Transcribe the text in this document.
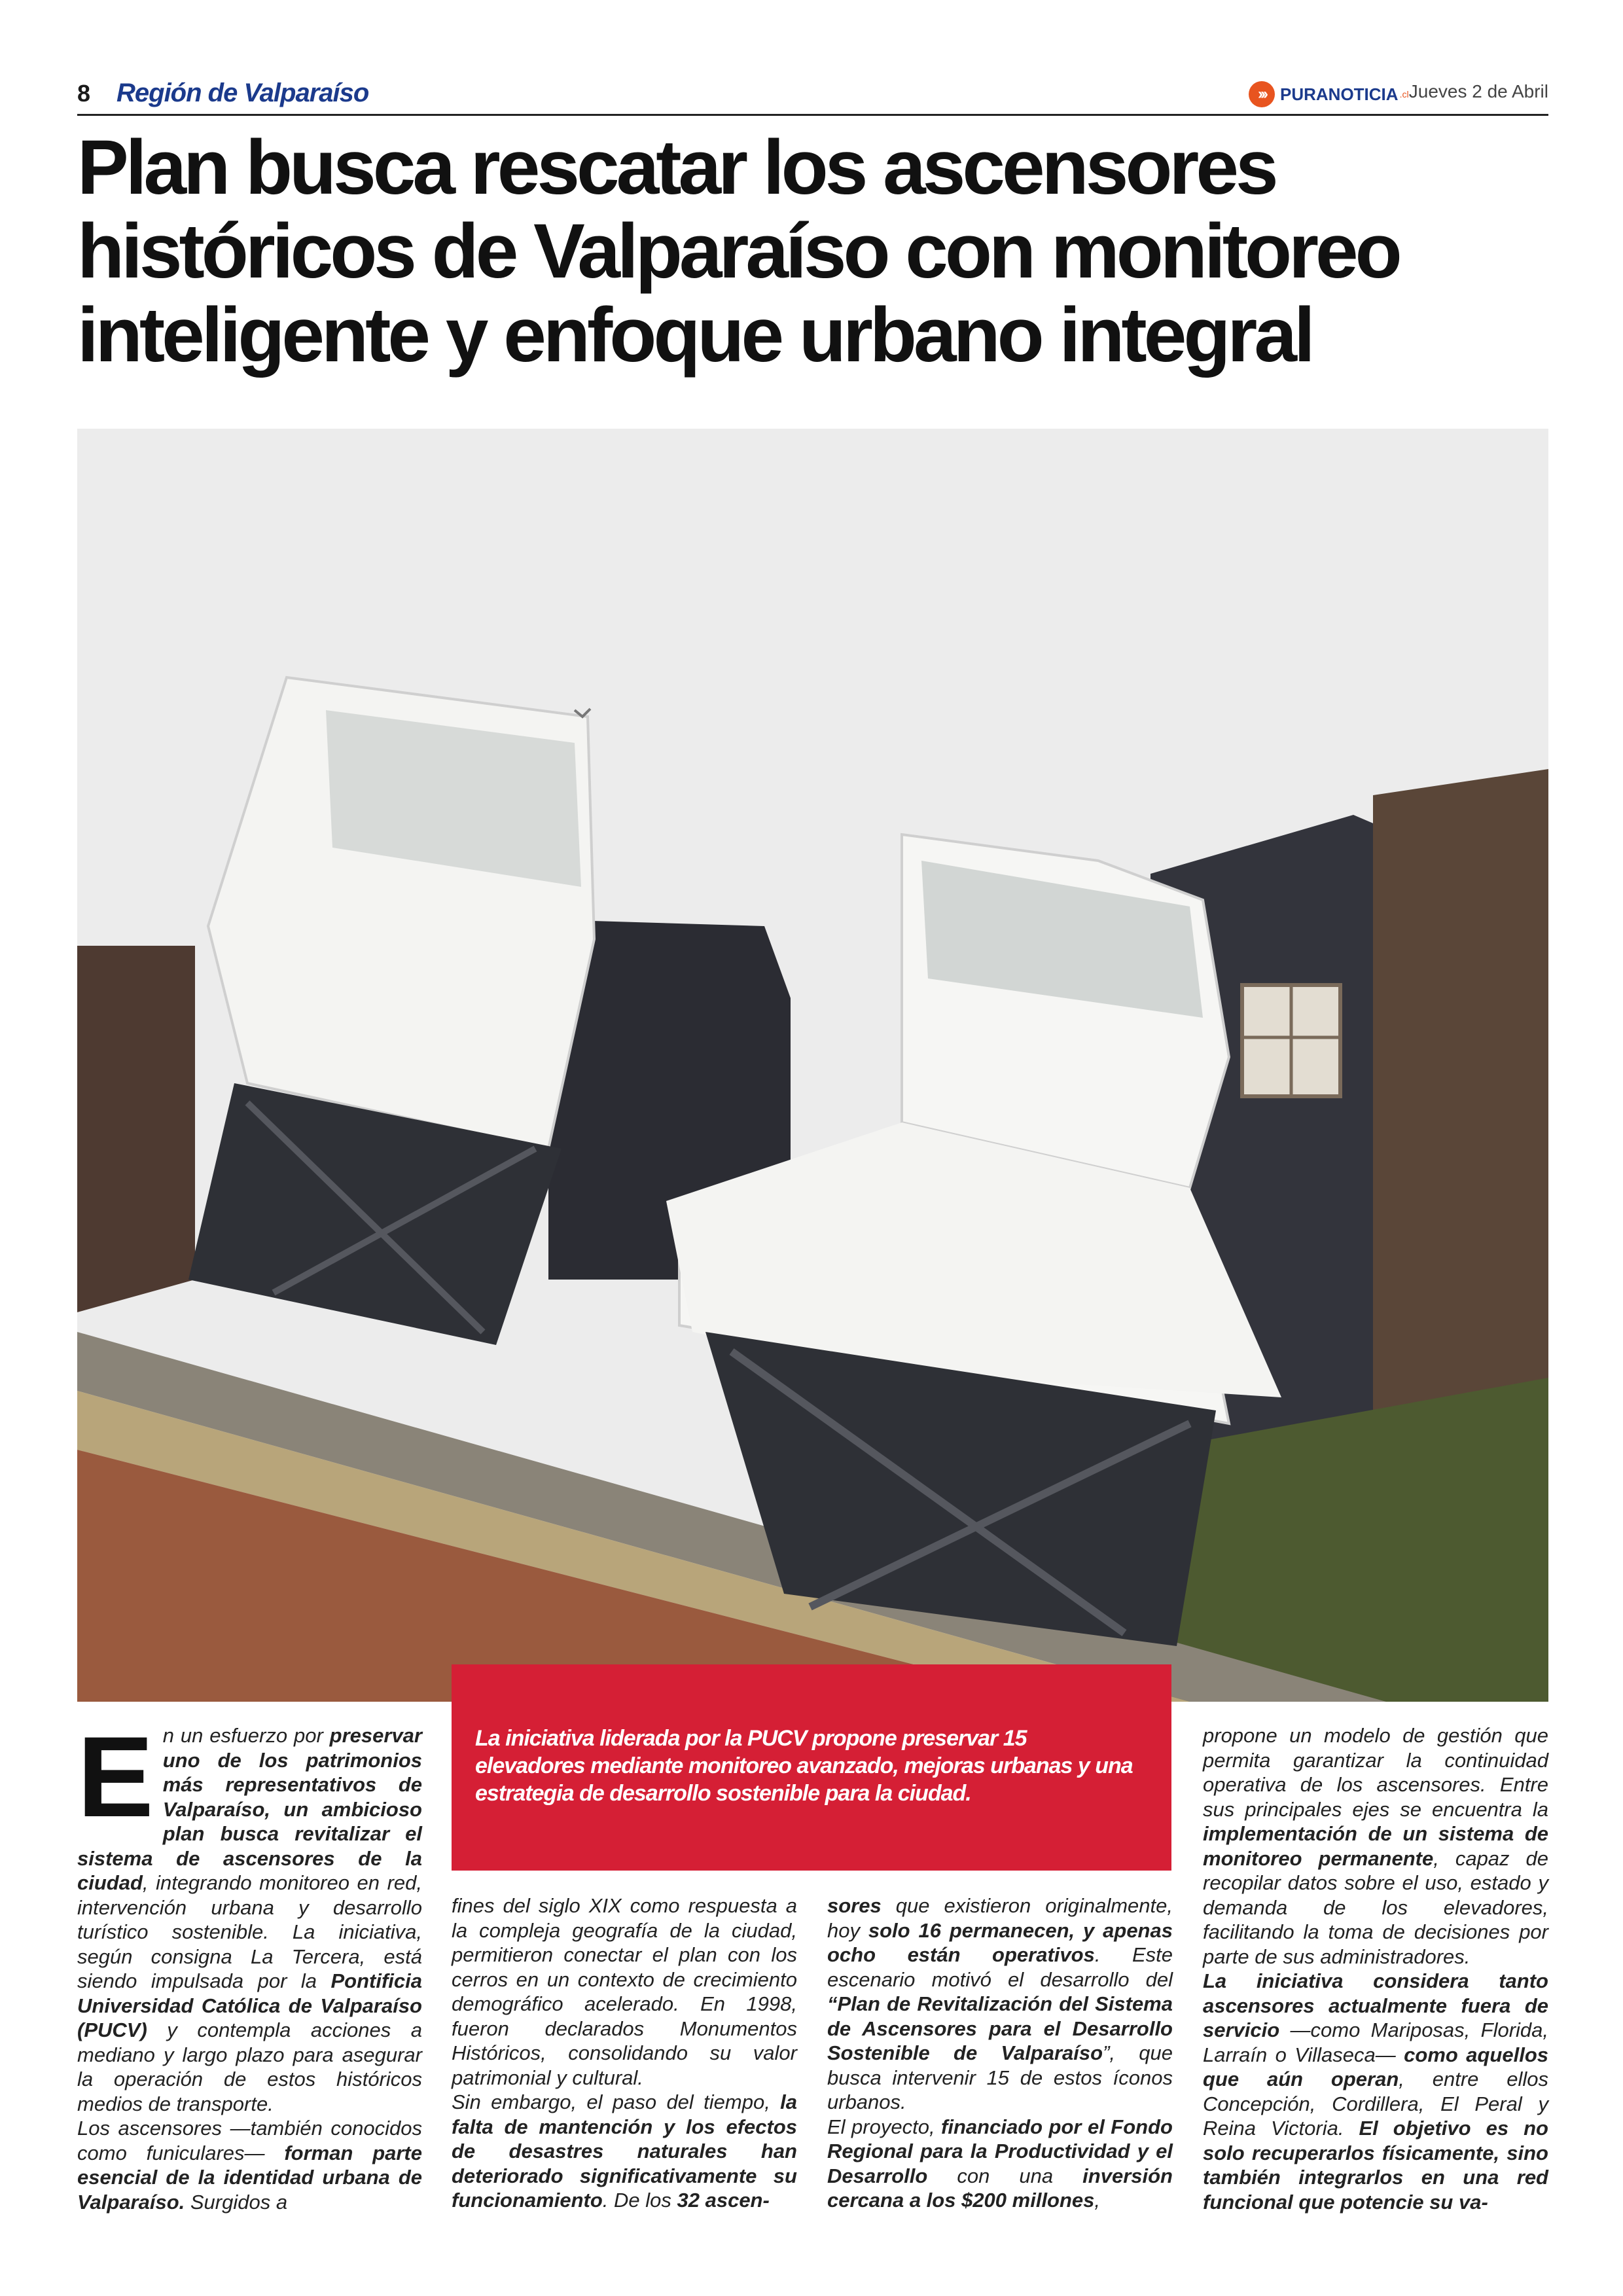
8 Región de Valparaíso	››› PURANOTICIA .cl Jueves 2 de Abril
Plan busca rescatar los ascensores históricos de Valparaíso con monitoreo inteligente y enfoque urbano integral

La iniciativa liderada por la PUCV propone preservar 15 elevadores mediante monitoreo avanzado, mejoras urbanas y una estrategia de desarrollo sostenible para la ciudad.

E n un esfuerzo por preservar uno de los patrimonios más representativos de Valparaíso, un ambicioso plan busca revitalizar el sistema de ascensores de la ciudad, integrando monitoreo en red, intervención urbana y desarrollo turístico sostenible. La iniciativa, según consigna La Tercera, está siendo impulsada por la Pontificia Universidad Católica de Valparaíso (PUCV) y contempla acciones a mediano y largo plazo para asegurar la operación de estos históricos medios de transporte.

Los ascensores —también conocidos como funiculares— forman parte esencial de la identidad urbana de Valparaíso. Surgidos a

fines del siglo XIX como respuesta a la compleja geografía de la ciudad, permitieron conectar el plan con los cerros en un contexto de crecimiento demográfico acelerado. En 1998, fueron declarados Monumentos Históricos, consolidando su valor patrimonial y cultural.

Sin embargo, el paso del tiempo, la falta de mantención y los efectos de desastres naturales han deteriorado significativamente su funcionamiento. De los 32 ascen-

sores que existieron originalmente, hoy solo 16 permanecen, y apenas ocho están operativos. Este escenario motivó el desarrollo del “Plan de Revitalización del Sistema de Ascensores para el Desarrollo Sostenible de Valparaíso”, que busca intervenir 15 de estos íconos urbanos.

El proyecto, financiado por el Fondo Regional para la Productividad y el Desarrollo con una inversión cercana a los $200 millones,

propone un modelo de gestión que permita garantizar la continuidad operativa de los ascensores. Entre sus principales ejes se encuentra la implementación de un sistema de monitoreo permanente, capaz de recopilar datos sobre el uso, estado y demanda de los elevadores, facilitando la toma de decisiones por parte de sus administradores.

La iniciativa considera tanto ascensores actualmente fuera de servicio —como Mariposas, Florida, Larraín o Villaseca— como aquellos que aún operan, entre ellos Concepción, Cordillera, El Peral y Reina Victoria. El objetivo es no solo recuperarlos físicamente, sino también integrarlos en una red funcional que potencie su va-
